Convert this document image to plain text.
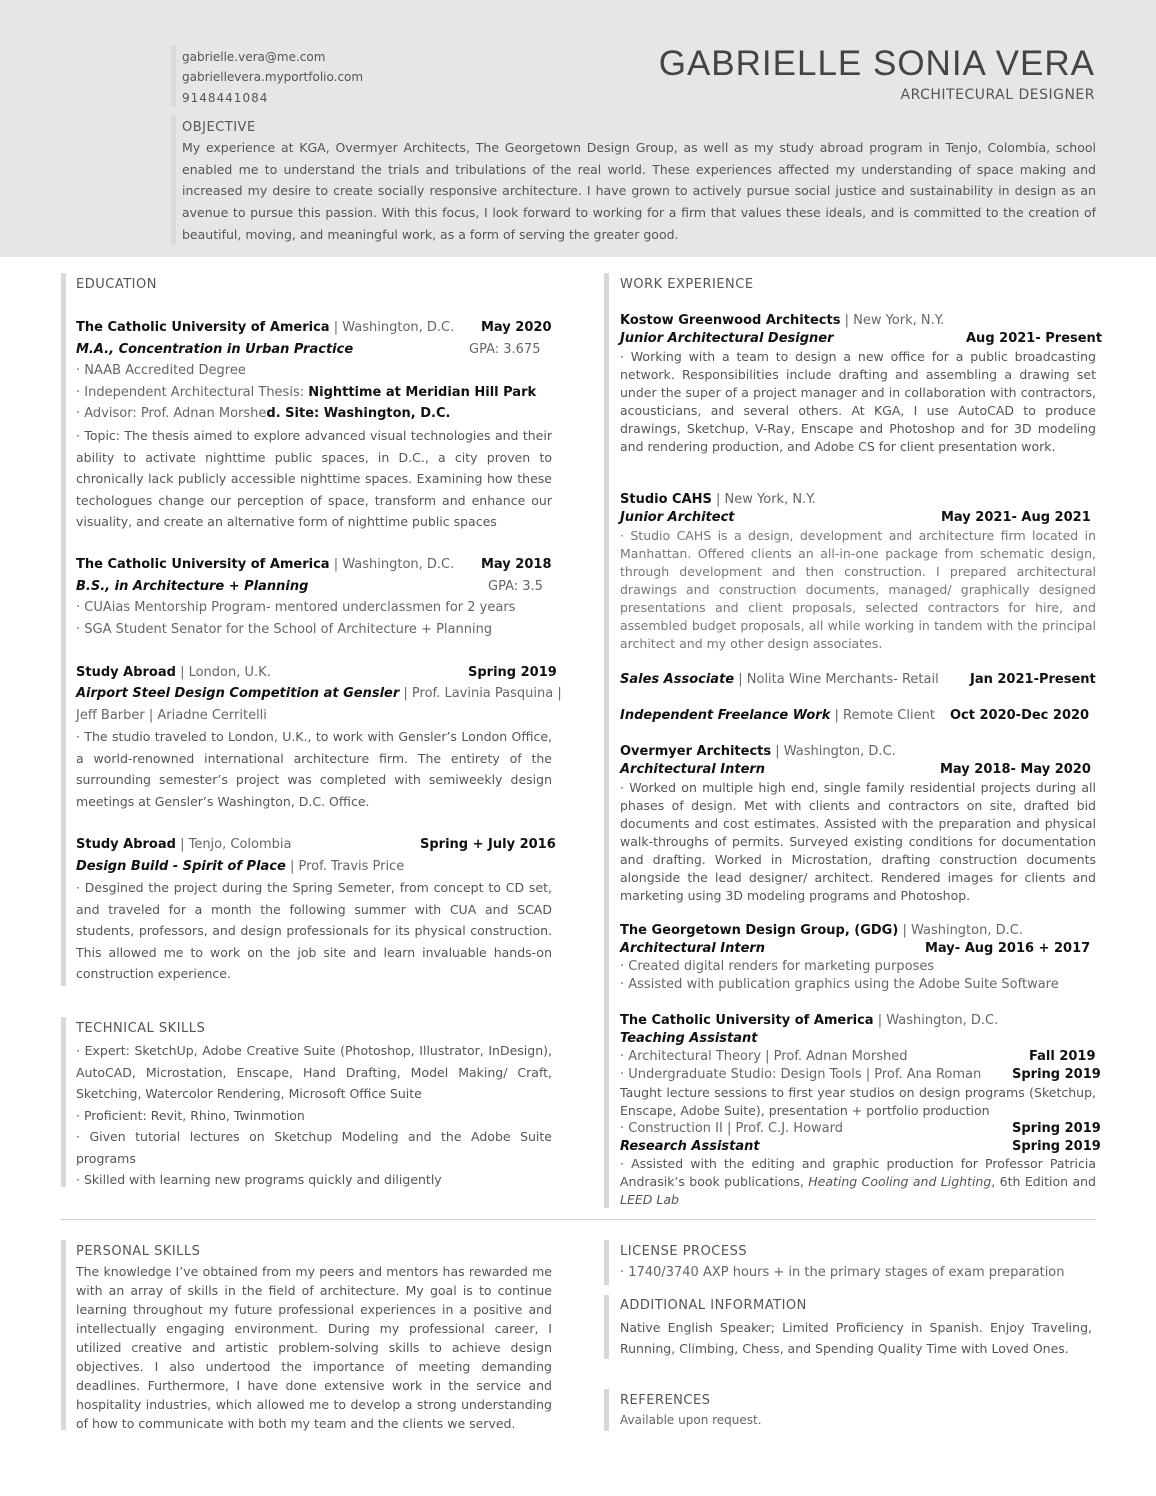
gabrielle.vera@me.com
gabriellevera.myportfolio.com
9148441084
GABRIELLE SONIA VERA
ARCHITECURAL DESIGNER
OBJECTIVE
My experience at KGA, Overmyer Architects, The Georgetown Design Group, as well as my study abroad program in Tenjo, Colombia, school enabled me to understand the trials and tribulations of the real world. These experiences affected my understanding of space making and increased my desire to create socially responsive architecture. I have grown to actively pursue social justice and sustainability in design as an avenue to pursue this passion. With this focus, I look forward to working for a firm that values these ideals, and is committed to the creation of beautiful, moving, and meaningful work, as a form of serving the greater good.
EDUCATION
The Catholic University of America | Washington, D.C. May 2020
M.A., Concentration in Urban Practice	GPA: 3.675
· NAAB Accredited Degree
· Independent Architectural Thesis: Nighttime at Meridian Hill Park
· Advisor: Prof. Adnan Morshed. Site: Washington, D.C.
· Topic: The thesis aimed to explore advanced visual technologies and their ability to activate nighttime public spaces, in D.C., a city proven to chronically lack publicly accessible nighttime spaces. Examining how these techologues change our perception of space, transform and enhance our visuality, and create an alternative form of nighttime public spaces
The Catholic University of America | Washington, D.C. May 2018
B.S., in Architecture + Planning	GPA: 3.5
· CUAias Mentorship Program- mentored underclassmen for 2 years
· SGA Student Senator for the School of Architecture + Planning
Study Abroad | London, U.K.	Spring 2019
Airport Steel Design Competition at Gensler | Prof. Lavinia Pasquina |
Jeff Barber | Ariadne Cerritelli
· The studio traveled to London, U.K., to work with Gensler’s London Office, a world-renowned international architecture firm. The entirety of the surrounding semester’s project was completed with semiweekly design meetings at Gensler’s Washington, D.C. Office.
Study Abroad | Tenjo, Colombia	Spring + July 2016
Design Build - Spirit of Place | Prof. Travis Price
· Desgined the project during the Spring Semeter, from concept to CD set, and traveled for a month the following summer with CUA and SCAD students, professors, and design professionals for its physical construction. This allowed me to work on the job site and learn invaluable hands-on construction experience.
TECHNICAL SKILLS
· Expert: SketchUp, Adobe Creative Suite (Photoshop, Illustrator, InDesign), AutoCAD, Microstation, Enscape, Hand Drafting, Model Making/ Craft, Sketching, Watercolor Rendering, Microsoft Office Suite
· Proficient: Revit, Rhino, Twinmotion
· Given tutorial lectures on Sketchup Modeling and the Adobe Suite programs
· Skilled with learning new programs quickly and diligently
WORK EXPERIENCE
Kostow Greenwood Architects | New York, N.Y.
Junior Architectural Designer	Aug 2021- Present
· Working with a team to design a new office for a public broadcasting network. Responsibilities include drafting and assembling a drawing set under the super of a project manager and in collaboration with contractors, acousticians, and several others. At KGA, I use AutoCAD to produce drawings, Sketchup, V-Ray, Enscape and Photoshop and for 3D modeling and rendering production, and Adobe CS for client presentation work.
Studio CAHS | New York, N.Y.
Junior Architect	May 2021- Aug 2021
· Studio CAHS is a design, development and architecture firm located in Manhattan. Offered clients an all-in-one package from schematic design, through development and then construction. I prepared architectural drawings and construction documents, managed/ graphically designed presentations and client proposals, selected contractors for hire, and assembled budget proposals, all while working in tandem with the principal architect and my other design associates.
Sales Associate | Nolita Wine Merchants- Retail Jan 2021-Present
Independent Freelance Work | Remote Client Oct 2020-Dec 2020
Overmyer Architects | Washington, D.C.
Architectural Intern	May 2018- May 2020
· Worked on multiple high end, single family residential projects during all phases of design. Met with clients and contractors on site, drafted bid documents and cost estimates. Assisted with the preparation and physical walk-throughs of permits. Surveyed existing conditions for documentation and drafting. Worked in Microstation, drafting construction documents alongside the lead designer/ architect. Rendered images for clients and marketing using 3D modeling programs and Photoshop.
The Georgetown Design Group, (GDG) | Washington, D.C.
Architectural Intern	May- Aug 2016 + 2017
· Created digital renders for marketing purposes
· Assisted with publication graphics using the Adobe Suite Software
The Catholic University of America | Washington, D.C.
Teaching Assistant
· Architectural Theory | Prof. Adnan Morshed	Fall 2019
· Undergraduate Studio: Design Tools | Prof. Ana Roman Spring 2019
Taught lecture sessions to first year studios on design programs (Sketchup, Enscape, Adobe Suite), presentation + portfolio production
· Construction II | Prof. C.J. Howard	Spring 2019
Research Assistant	Spring 2019
· Assisted with the editing and graphic production for Professor Patricia Andrasik’s book publications, Heating Cooling and Lighting, 6th Edition and LEED Lab
PERSONAL SKILLS
The knowledge I’ve obtained from my peers and mentors has rewarded me with an array of skills in the field of architecture. My goal is to continue learning throughout my future professional experiences in a positive and intellectually engaging environment. During my professional career, I utilized creative and artistic problem-solving skills to achieve design objectives. I also undertood the importance of meeting demanding deadlines. Furthermore, I have done extensive work in the service and hospitality industries, which allowed me to develop a strong understanding of how to communicate with both my team and the clients we served.
LICENSE PROCESS
· 1740/3740 AXP hours + in the primary stages of exam preparation
ADDITIONAL INFORMATION
Native English Speaker; Limited Proficiency in Spanish. Enjoy Traveling, Running, Climbing, Chess, and Spending Quality Time with Loved Ones.
REFERENCES
Available upon request.
